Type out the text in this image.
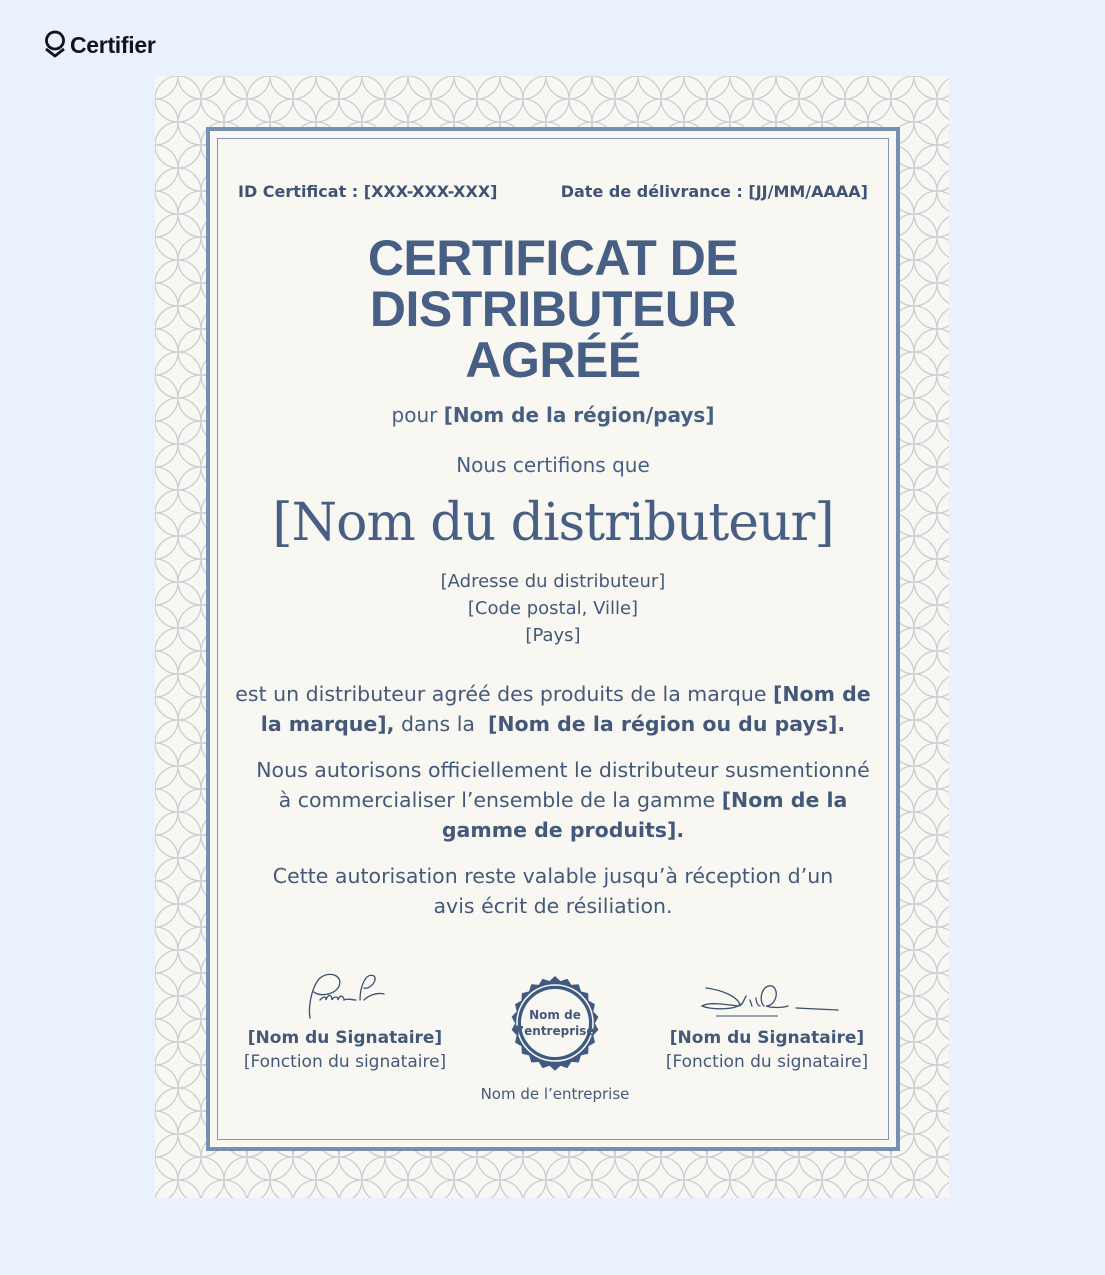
Certifier
ID Certificat : [XXX-XXX-XXX]	Date de délivrance : [JJ/MM/AAAA]
CERTIFICAT DE
DISTRIBUTEUR
AGRÉÉ
pour [Nom de la région/pays]
Nous certifions que
[Nom du distributeur]
[Adresse du distributeur]
[Code postal, Ville]
[Pays]
est un distributeur agréé des produits de la marque [Nom de la marque], dans la  [Nom de la région ou du pays].
Nous autorisons officiellement le distributeur susmentionné à commercialiser l’ensemble de la gamme [Nom de la gamme de produits].
Cette autorisation reste valable jusqu’à réception d’un avis écrit de résiliation.
[Nom du Signataire]
[Fonction du signataire]
Nom de
l’entreprise
Nom de l’entreprise
[Nom du Signataire]
[Fonction du signataire]
